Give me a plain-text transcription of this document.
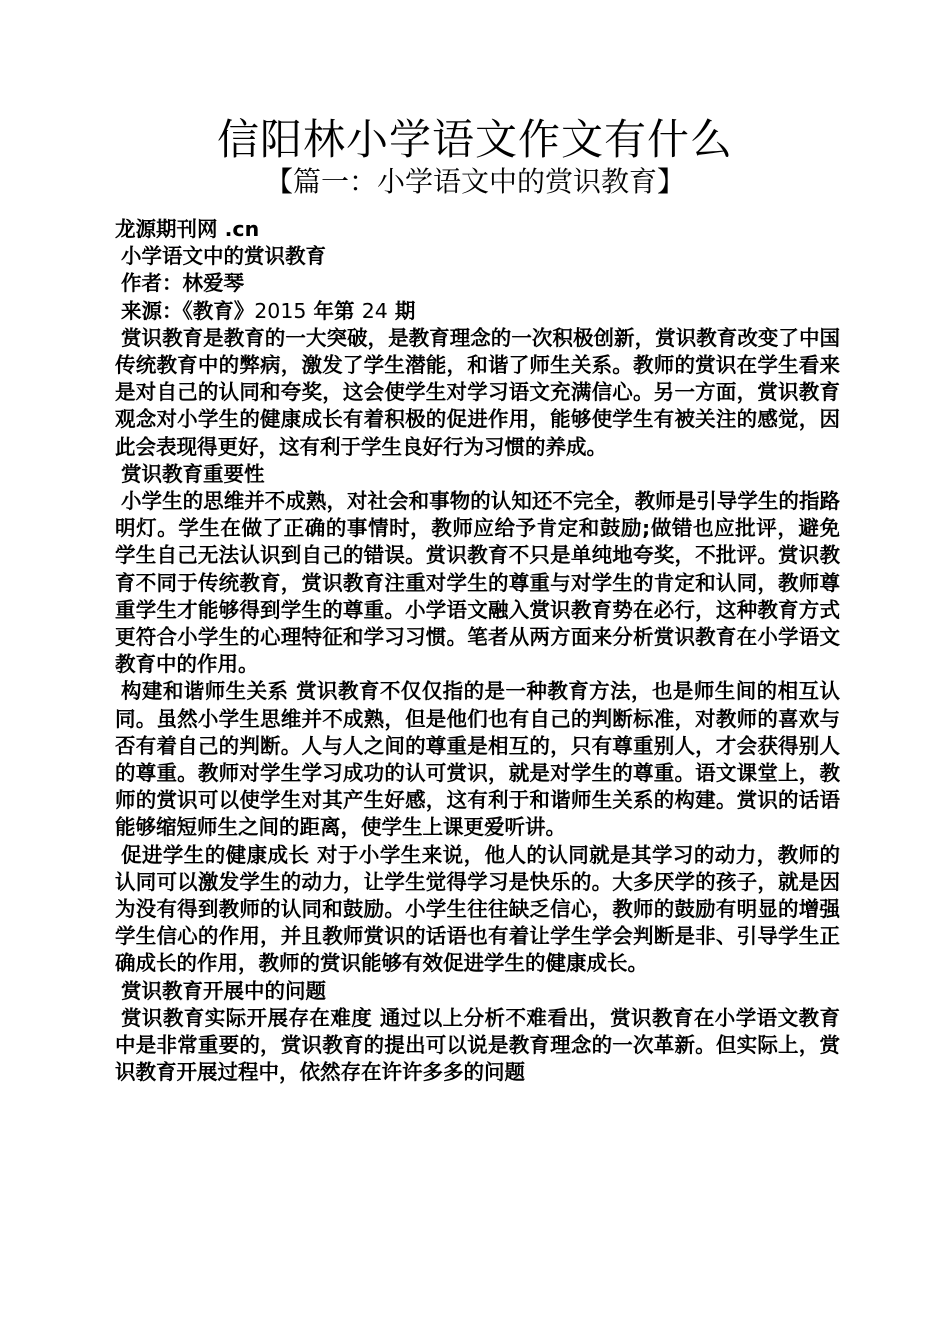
信阳林小学语文作文有什么
【篇一：小学语文中的赏识教育】

龙源期刊网 .cn

小学语文中的赏识教育

作者：林爱琴

来源：《教育》2015 年第 24 期

赏识教育是教育的一大突破，是教育理念的一次积极创新，赏识教育改变了中国传统教育中的弊病，激发了学生潜能，和谐了师生关系。教师的赏识在学生看来是对自己的认同和夸奖，这会使学生对学习语文充满信心。另一方面，赏识教育观念对小学生的健康成长有着积极的促进作用，能够使学生有被关注的感觉，因此会表现得更好，这有利于学生良好行为习惯的养成。

赏识教育重要性

小学生的思维并不成熟，对社会和事物的认知还不完全，教师是引导学生的指路明灯。学生在做了正确的事情时，教师应给予肯定和鼓励;做错也应批评，避免学生自己无法认识到自己的错误。赏识教育不只是单纯地夸奖，不批评。赏识教育不同于传统教育，赏识教育注重对学生的尊重与对学生的肯定和认同，教师尊重学生才能够得到学生的尊重。小学语文融入赏识教育势在必行，这种教育方式更符合小学生的心理特征和学习习惯。笔者从两方面来分析赏识教育在小学语文教育中的作用。

构建和谐师生关系 赏识教育不仅仅指的是一种教育方法，也是师生间的相互认同。虽然小学生思维并不成熟，但是他们也有自己的判断标准，对教师的喜欢与否有着自己的判断。人与人之间的尊重是相互的，只有尊重别人，才会获得别人的尊重。教师对学生学习成功的认可赏识，就是对学生的尊重。语文课堂上，教师的赏识可以使学生对其产生好感，这有利于和谐师生关系的构建。赏识的话语能够缩短师生之间的距离，使学生上课更爱听讲。

促进学生的健康成长 对于小学生来说，他人的认同就是其学习的动力，教师的认同可以激发学生的动力，让学生觉得学习是快乐的。大多厌学的孩子，就是因为没有得到教师的认同和鼓励。小学生往往缺乏信心，教师的鼓励有明显的增强学生信心的作用，并且教师赏识的话语也有着让学生学会判断是非、引导学生正确成长的作用，教师的赏识能够有效促进学生的健康成长。

赏识教育开展中的问题

赏识教育实际开展存在难度 通过以上分析不难看出，赏识教育在小学语文教育中是非常重要的，赏识教育的提出可以说是教育理念的一次革新。但实际上，赏识教育开展过程中，依然存在许许多多的问题
